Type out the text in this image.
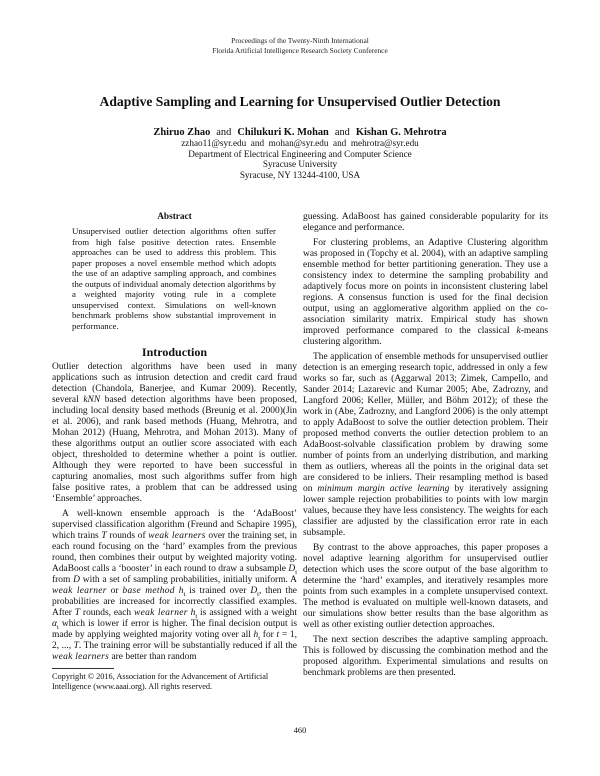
Proceedings of the Twenty-Ninth International
Florida Artificial Intelligence Research Society Conference
Adaptive Sampling and Learning for Unsupervised Outlier Detection
Zhiruo Zhao and Chilukuri K. Mohan and Kishan G. Mehrotra
zzhao11@syr.edu  and  mohan@syr.edu  and  mehrotra@syr.edu
Department of Electrical Engineering and Computer Science
Syracuse University
Syracuse, NY 13244-4100, USA
Abstract
Unsupervised outlier detection algorithms often suffer from high false positive detection rates. Ensemble approaches can be used to address this problem. This paper proposes a novel ensemble method which adopts the use of an adaptive sampling approach, and combines the outputs of individual anomaly detection algorithms by a weighted majority voting rule in a complete unsupervised context. Simulations on well-known benchmark problems show substantial improvement in performance.
Introduction

Outlier detection algorithms have been used in many applications such as intrusion detection and credit card fraud detection (Chandola, Banerjee, and Kumar 2009). Recently, several kNN based detection algorithms have been proposed, including local density based methods (Breunig et al. 2000)(Jin et al. 2006), and rank based methods (Huang, Mehrotra, and Mohan 2012) (Huang, Mehrotra, and Mohan 2013). Many of these algorithms output an outlier score associated with each object, thresholded to determine whether a point is outlier. Although they were reported to have been successful in capturing anomalies, most such algorithms suffer from high false positive rates, a problem that can be addressed using ‘Ensemble’ approaches.

A well-known ensemble approach is the ‘AdaBoost’ supervised classification algorithm (Freund and Schapire 1995), which trains T rounds of weak learners over the training set, in each round focusing on the ‘hard’ examples from the previous round, then combines their output by weighted majority voting. AdaBoost calls a ‘booster’ in each round to draw a subsample $D_t$ from D with a set of sampling probabilities, initially uniform. A weak learner or base method $h_t$ is trained over $D_t$, then the probabilities are increased for incorrectly classified examples. After T rounds, each weak learner $h_t$ is assigned with a weight $\alpha_t$ which is lower if error is higher. The final decision output is made by applying weighted majority voting over all $h_t$ for t = 1, 2, ..., T. The training error will be substantially reduced if all the weak learners are better than random

guessing. AdaBoost has gained considerable popularity for its elegance and performance.

For clustering problems, an Adaptive Clustering algorithm was proposed in (Topchy et al. 2004), with an adaptive sampling ensemble method for better partitioning generation. They use a consistency index to determine the sampling probability and adaptively focus more on points in inconsistent clustering label regions. A consensus function is used for the final decision output, using an agglomerative algorithm applied on the co-association similarity matrix. Empirical study has shown improved performance compared to the classical k-means clustering algorithm.

The application of ensemble methods for unsupervised outlier detection is an emerging research topic, addressed in only a few works so far, such as (Aggarwal 2013; Zimek, Campello, and Sander 2014; Lazarevic and Kumar 2005; Abe, Zadrozny, and Langford 2006; Keller, Müller, and Böhm 2012); of these the work in (Abe, Zadrozny, and Langford 2006) is the only attempt to apply AdaBoost to solve the outlier detection problem. Their proposed method converts the outlier detection problem to an AdaBoost-solvable classification problem by drawing some number of points from an underlying distribution, and marking them as outliers, whereas all the points in the original data set are considered to be inliers. Their resampling method is based on minimum margin active learning by iteratively assigning lower sample rejection probabilities to points with low margin values, because they have less consistency. The weights for each classifier are adjusted by the classification error rate in each subsample.

By contrast to the above approaches, this paper proposes a novel adaptive learning algorithm for unsupervised outlier detection which uses the score output of the base algorithm to determine the ‘hard’ examples, and iteratively resamples more points from such examples in a complete unsupervised context. The method is evaluated on multiple well-known datasets, and our simulations show better results than the base algorithm as well as other existing outlier detection approaches.

The next section describes the adaptive sampling approach. This is followed by discussing the combination method and the proposed algorithm. Experimental simulations and results on benchmark problems are then presented.

Copyright © 2016, Association for the Advancement of Artificial Intelligence (www.aaai.org). All rights reserved.
460
